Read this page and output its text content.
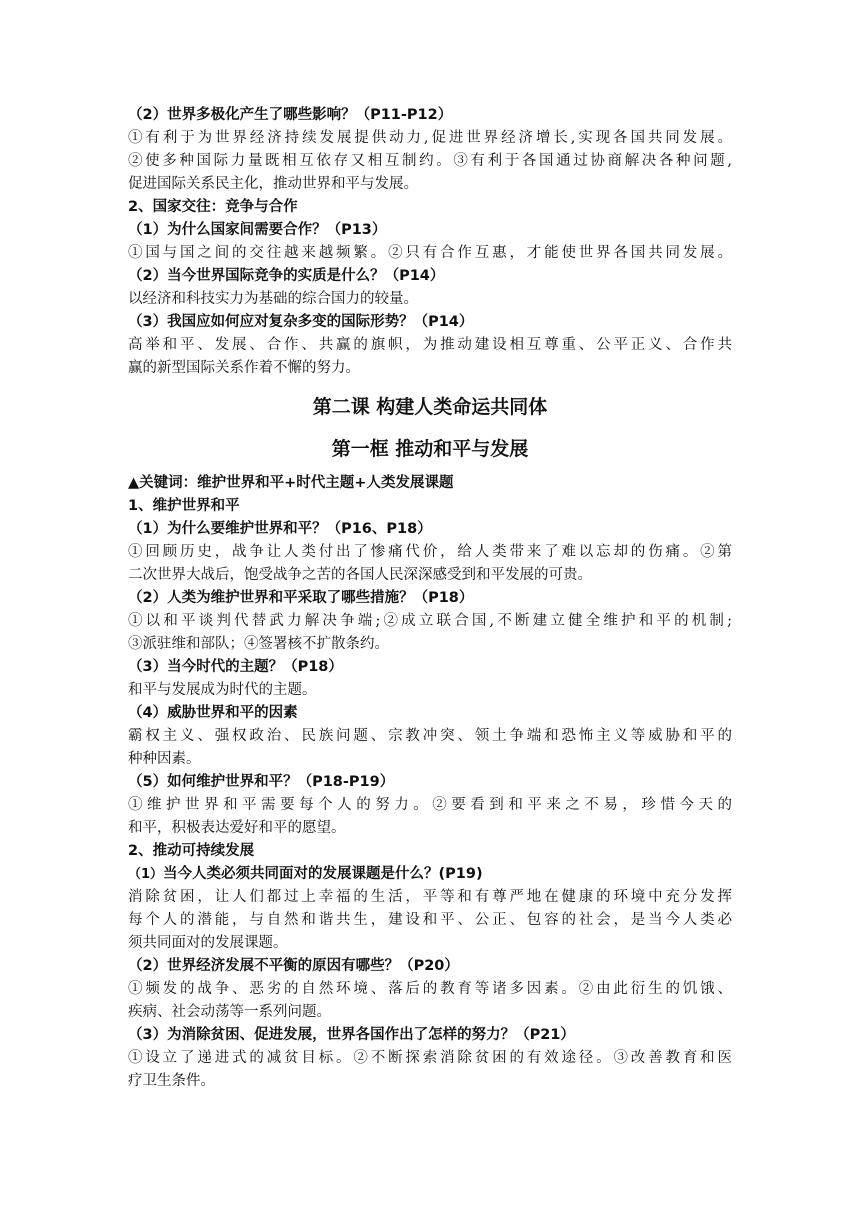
（2）世界多极化产生了哪些影响？（P11-P12）
①有利于为世界经济持续发展提供动力,促进世界经济增长,实现各国共同发展。
②使多种国际力量既相互依存又相互制约。③有利于各国通过协商解决各种问题,
促进国际关系民主化，推动世界和平与发展。
2、国家交往：竞争与合作
（1）为什么国家间需要合作？（P13）
①国与国之间的交往越来越频繁。②只有合作互惠，才能使世界各国共同发展。
（2）当今世界国际竞争的实质是什么？（P14）
以经济和科技实力为基础的综合国力的较量。
（3）我国应如何应对复杂多变的国际形势？（P14）
高举和平、发展、合作、共赢的旗帜，为推动建设相互尊重、公平正义、合作共
赢的新型国际关系作着不懈的努力。
第二课 构建人类命运共同体
第一框 推动和平与发展
▲关键词：维护世界和平+时代主题+人类发展课题
1、维护世界和平
（1）为什么要维护世界和平？（P16、P18）
①回顾历史，战争让人类付出了惨痛代价，给人类带来了难以忘却的伤痛。②第
二次世界大战后，饱受战争之苦的各国人民深深感受到和平发展的可贵。
（2）人类为维护世界和平采取了哪些措施？（P18）
①以和平谈判代替武力解决争端;②成立联合国,不断建立健全维护和平的机制;
③派驻维和部队；④签署核不扩散条约。
（3）当今时代的主题？（P18）
和平与发展成为时代的主题。
（4）威胁世界和平的因素
霸权主义、强权政治、民族问题、宗教冲突、领土争端和恐怖主义等威胁和平的
种种因素。
（5）如何维护世界和平？（P18-P19）
①维护世界和平需要每个人的努力。②要看到和平来之不易，珍惜今天的
和平，积极表达爱好和平的愿望。
2、推动可持续发展
（1）当今人类必须共同面对的发展课题是什么？(P19)
消除贫困，让人们都过上幸福的生活，平等和有尊严地在健康的环境中充分发挥
每个人的潜能，与自然和谐共生，建设和平、公正、包容的社会，是当今人类必
须共同面对的发展课题。
（2）世界经济发展不平衡的原因有哪些？（P20）
①频发的战争、恶劣的自然环境、落后的教育等诸多因素。②由此衍生的饥饿、
疾病、社会动荡等一系列问题。
（3）为消除贫困、促进发展，世界各国作出了怎样的努力？（P21）
①设立了递进式的减贫目标。②不断探索消除贫困的有效途径。③改善教育和医
疗卫生条件。
